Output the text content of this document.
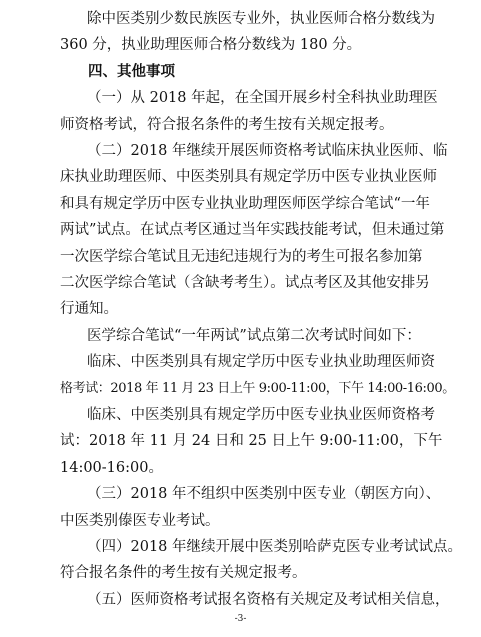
-3-
除中医类别少数民族医专业外，执业医师合格分数线为
360 分，执业助理医师合格分数线为 180 分。
四、其他事项
（一）从 2018 年起，在全国开展乡村全科执业助理医
师资格考试，符合报名条件的考生按有关规定报考。
（二）2018 年继续开展医师资格考试临床执业医师、临
床执业助理医师、中医类别具有规定学历中医专业执业医师
和具有规定学历中医专业执业助理医师医学综合笔试“一年
两试”试点。在试点考区通过当年实践技能考试，但未通过第
一次医学综合笔试且无违纪违规行为的考生可报名参加第
二次医学综合笔试（含缺考考生）。试点考区及其他安排另
行通知。
医学综合笔试“一年两试”试点第二次考试时间如下：
临床、中医类别具有规定学历中医专业执业助理医师资
格考试：2018 年 11 月 23 日上午 9:00-11:00，下午 14:00-16:00。
临床、中医类别具有规定学历中医专业执业医师资格考
试：2018 年 11 月 24 日和 25 日上午 9:00-11:00，下午
14:00-16:00。
（三）2018 年不组织中医类别中医专业（朝医方向）、
中医类别傣医专业考试。
（四）2018 年继续开展中医类别哈萨克医专业考试试点。
符合报名条件的考生按有关规定报考。
（五）医师资格考试报名资格有关规定及考试相关信息，
